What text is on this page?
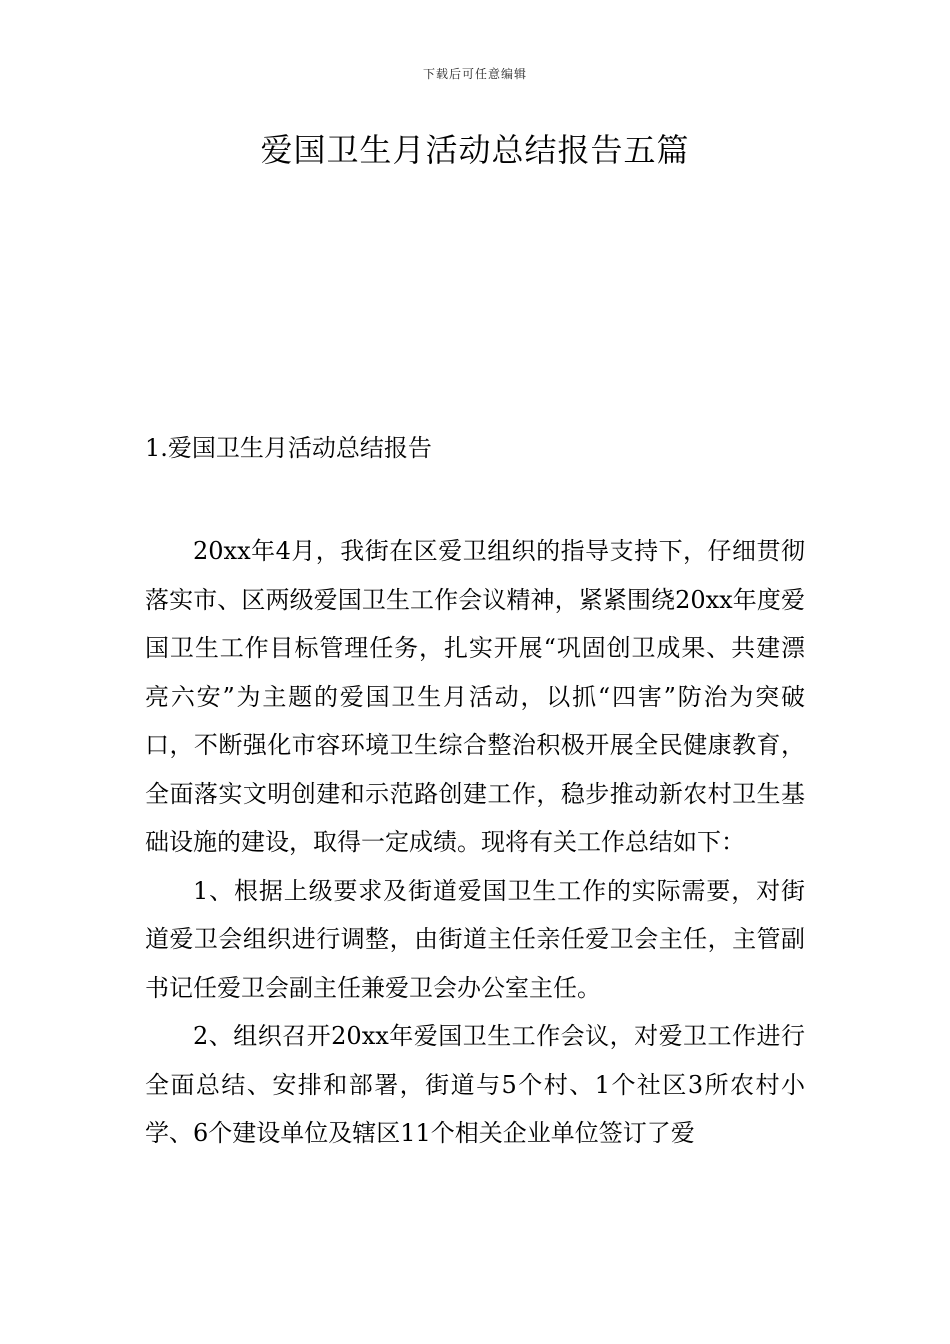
下载后可任意编辑
爱国卫生月活动总结报告五篇
1.爱国卫生月活动总结报告

20xx年4月，我街在区爱卫组织的指导支持下，仔细贯彻落实市、区两级爱国卫生工作会议精神，紧紧围绕20xx年度爱国卫生工作目标管理任务，扎实开展“巩固创卫成果、共建漂亮六安”为主题的爱国卫生月活动，以抓“四害”防治为突破口，不断强化市容环境卫生综合整治积极开展全民健康教育，全面落实文明创建和示范路创建工作，稳步推动新农村卫生基础设施的建设，取得一定成绩。现将有关工作总结如下：

1、根据上级要求及街道爱国卫生工作的实际需要，对街道爱卫会组织进行调整，由街道主任亲任爱卫会主任，主管副书记任爱卫会副主任兼爱卫会办公室主任。

2、组织召开20xx年爱国卫生工作会议，对爱卫工作进行全面总结、安排和部署，街道与5个村、1个社区3所农村小学、6个建设单位及辖区11个相关企业单位签订了爱
